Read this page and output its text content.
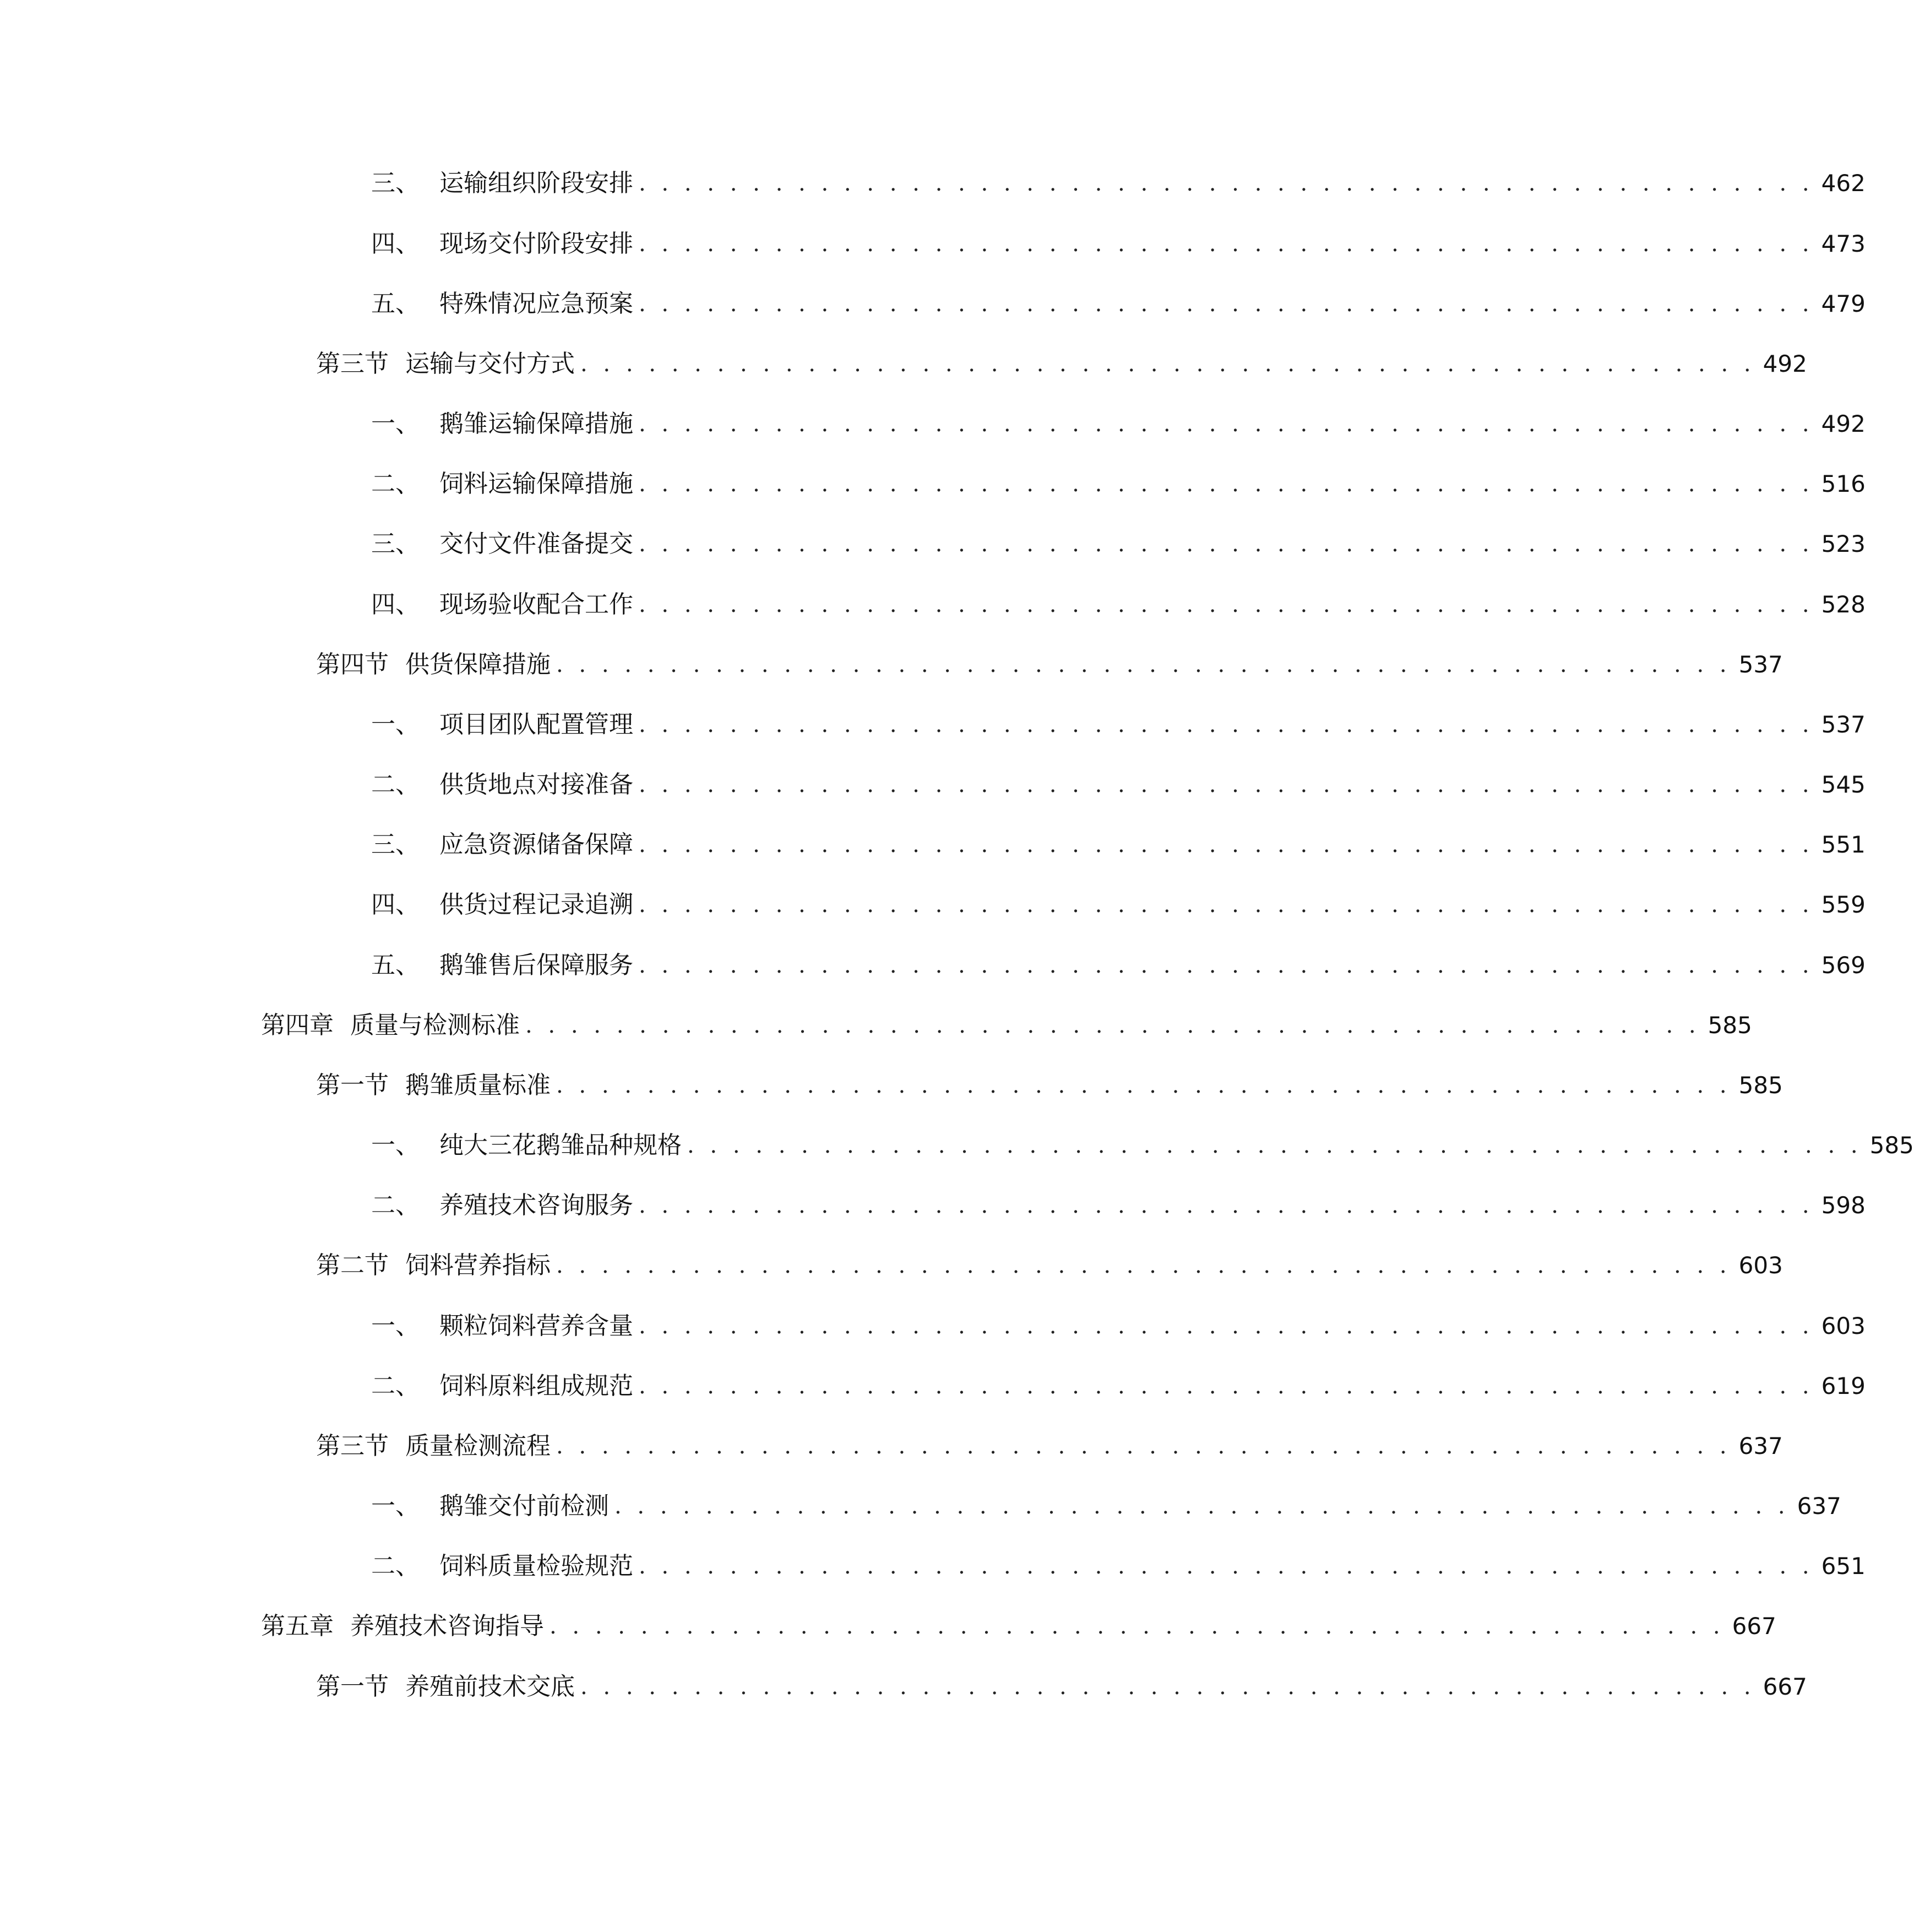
三、 运输组织阶段安排 . . . . . . . . . . . . . . . . . . . . . . . . . . . . . . . . . . . . . . . . . . . . . . . . . . . . 462
四、 现场交付阶段安排 . . . . . . . . . . . . . . . . . . . . . . . . . . . . . . . . . . . . . . . . . . . . . . . . . . . . 473
五、 特殊情况应急预案 . . . . . . . . . . . . . . . . . . . . . . . . . . . . . . . . . . . . . . . . . . . . . . . . . . . . 479
第三节 运输与交付方式 . . . . . . . . . . . . . . . . . . . . . . . . . . . . . . . . . . . . . . . . . . . . . . . . . . . . 492
一、 鹅雏运输保障措施 . . . . . . . . . . . . . . . . . . . . . . . . . . . . . . . . . . . . . . . . . . . . . . . . . . . . 492
二、 饲料运输保障措施 . . . . . . . . . . . . . . . . . . . . . . . . . . . . . . . . . . . . . . . . . . . . . . . . . . . . 516
三、 交付文件准备提交 . . . . . . . . . . . . . . . . . . . . . . . . . . . . . . . . . . . . . . . . . . . . . . . . . . . . 523
四、 现场验收配合工作 . . . . . . . . . . . . . . . . . . . . . . . . . . . . . . . . . . . . . . . . . . . . . . . . . . . . 528
第四节 供货保障措施 . . . . . . . . . . . . . . . . . . . . . . . . . . . . . . . . . . . . . . . . . . . . . . . . . . . . 537
一、 项目团队配置管理 . . . . . . . . . . . . . . . . . . . . . . . . . . . . . . . . . . . . . . . . . . . . . . . . . . . . 537
二、 供货地点对接准备 . . . . . . . . . . . . . . . . . . . . . . . . . . . . . . . . . . . . . . . . . . . . . . . . . . . . 545
三、 应急资源储备保障 . . . . . . . . . . . . . . . . . . . . . . . . . . . . . . . . . . . . . . . . . . . . . . . . . . . . 551
四、 供货过程记录追溯 . . . . . . . . . . . . . . . . . . . . . . . . . . . . . . . . . . . . . . . . . . . . . . . . . . . . 559
五、 鹅雏售后保障服务 . . . . . . . . . . . . . . . . . . . . . . . . . . . . . . . . . . . . . . . . . . . . . . . . . . . . 569
第四章 质量与检测标准 . . . . . . . . . . . . . . . . . . . . . . . . . . . . . . . . . . . . . . . . . . . . . . . . . . . . 585
第一节 鹅雏质量标准 . . . . . . . . . . . . . . . . . . . . . . . . . . . . . . . . . . . . . . . . . . . . . . . . . . . . 585
一、 纯大三花鹅雏品种规格 . . . . . . . . . . . . . . . . . . . . . . . . . . . . . . . . . . . . . . . . . . . . . . . . . . . . 585
二、 养殖技术咨询服务 . . . . . . . . . . . . . . . . . . . . . . . . . . . . . . . . . . . . . . . . . . . . . . . . . . . . 598
第二节 饲料营养指标 . . . . . . . . . . . . . . . . . . . . . . . . . . . . . . . . . . . . . . . . . . . . . . . . . . . . 603
一、 颗粒饲料营养含量 . . . . . . . . . . . . . . . . . . . . . . . . . . . . . . . . . . . . . . . . . . . . . . . . . . . . 603
二、 饲料原料组成规范 . . . . . . . . . . . . . . . . . . . . . . . . . . . . . . . . . . . . . . . . . . . . . . . . . . . . 619
第三节 质量检测流程 . . . . . . . . . . . . . . . . . . . . . . . . . . . . . . . . . . . . . . . . . . . . . . . . . . . . 637
一、 鹅雏交付前检测 . . . . . . . . . . . . . . . . . . . . . . . . . . . . . . . . . . . . . . . . . . . . . . . . . . . . 637
二、 饲料质量检验规范 . . . . . . . . . . . . . . . . . . . . . . . . . . . . . . . . . . . . . . . . . . . . . . . . . . . . 651
第五章 养殖技术咨询指导 . . . . . . . . . . . . . . . . . . . . . . . . . . . . . . . . . . . . . . . . . . . . . . . . . . . . 667
第一节 养殖前技术交底 . . . . . . . . . . . . . . . . . . . . . . . . . . . . . . . . . . . . . . . . . . . . . . . . . . . . 667
